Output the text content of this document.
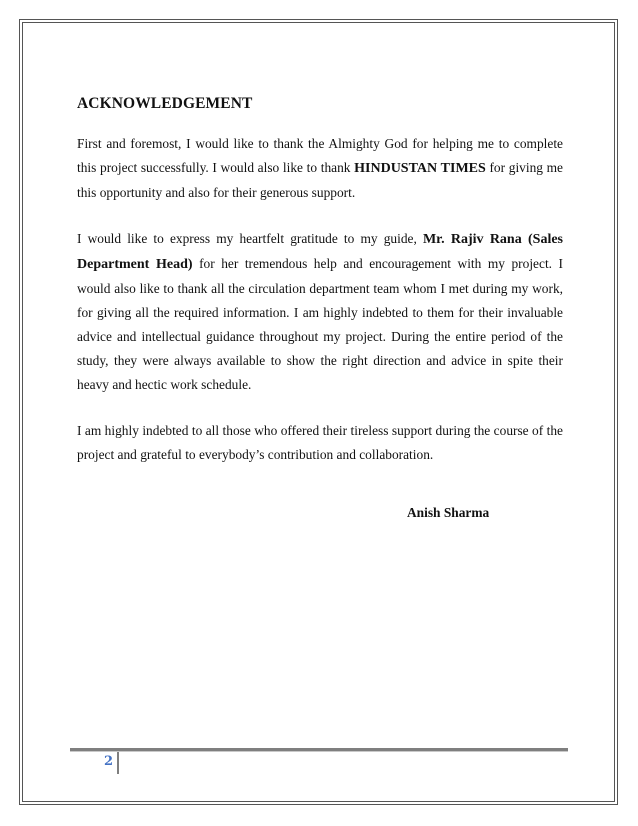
ACKNOWLEDGEMENT

First and foremost, I would like to thank the Almighty God for helping me to complete this project successfully. I would also like to thank HINDUSTAN TIMES for giving me this opportunity and also for their generous support.

I would like to express my heartfelt gratitude to my guide, Mr. Rajiv Rana (Sales Department Head) for her tremendous help and encouragement with my project. I would also like to thank all the circulation department team whom I met during my work, for giving all the required information. I am highly indebted to them for their invaluable advice and intellectual guidance throughout my project. During the entire period of the study, they were always available to show the right direction and advice in spite their heavy and hectic work schedule.

I am highly indebted to all those who offered their tireless support during the course of the project and grateful to everybody’s contribution and collaboration.

Anish Sharma
2
